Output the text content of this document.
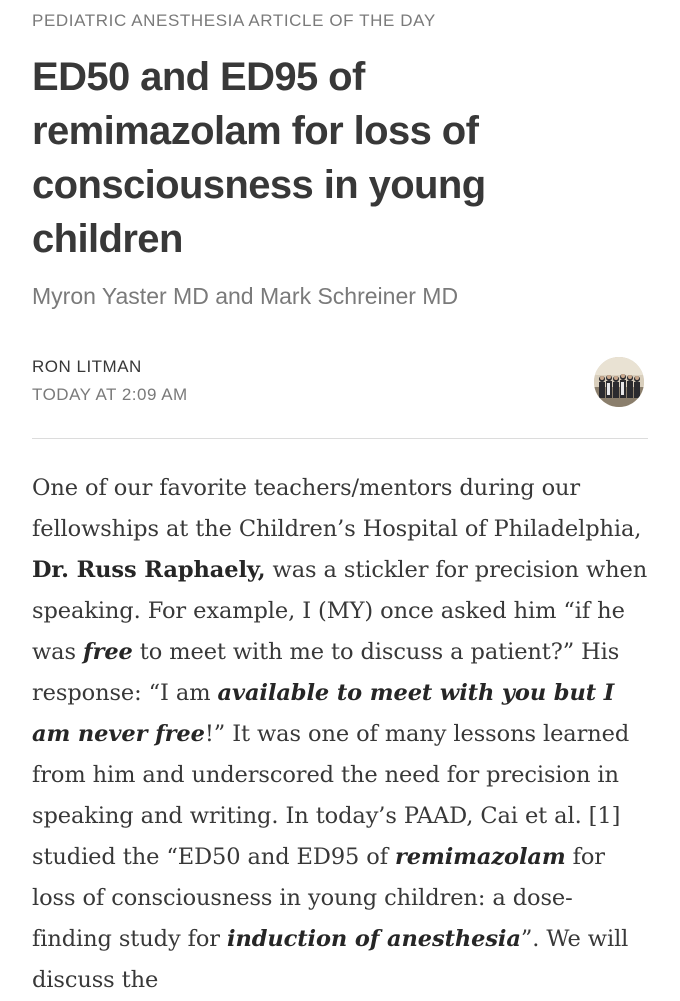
PEDIATRIC ANESTHESIA ARTICLE OF THE DAY
ED50 and ED95 of remimazolam for loss of consciousness in young children
Myron Yaster MD and Mark Schreiner MD
RON LITMAN
TODAY AT 2:09 AM

One of our favorite teachers/mentors during our fellowships at the Children’s Hospital of Philadelphia, Dr. Russ Raphaely, was a stickler for precision when speaking. For example, I (MY) once asked him “if he was free to meet with me to discuss a patient?” His response: “I am available to meet with you but I am never free!” It was one of many lessons learned from him and underscored the need for precision in speaking and writing. In today’s PAAD, Cai et al. [1] studied the “ED50 and ED95 of remimazolam for loss of consciousness in young children: a dose-finding study for induction of anesthesia”. We will discuss the
